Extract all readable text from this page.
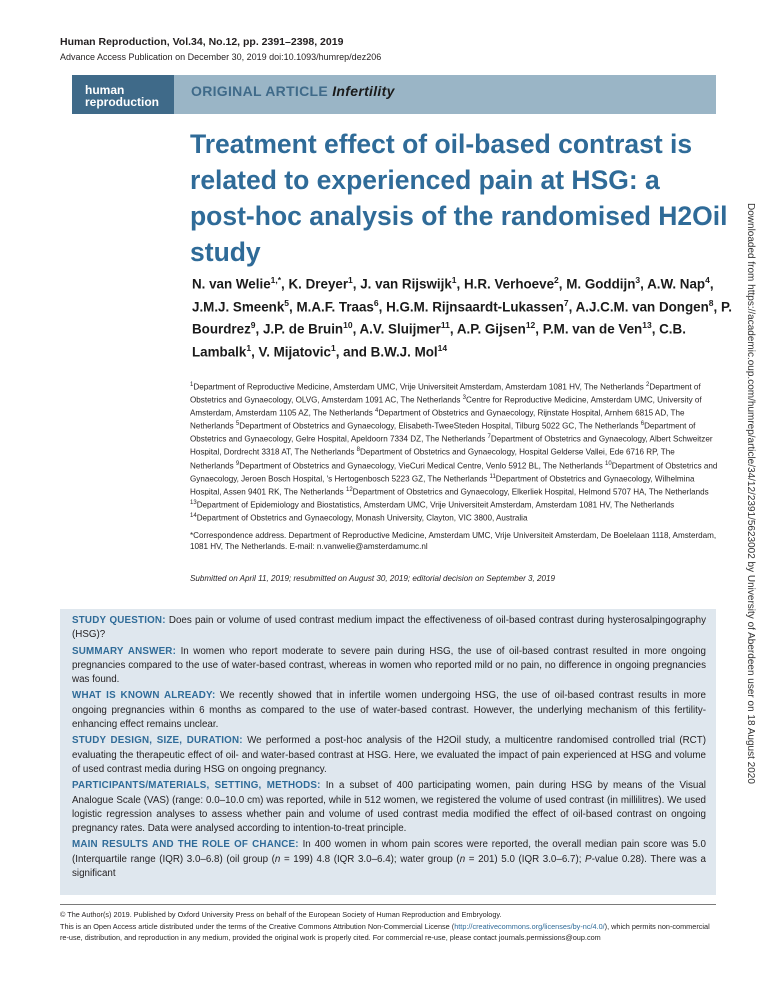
Human Reproduction, Vol.34, No.12, pp. 2391–2398, 2019
Advance Access Publication on December 30, 2019 doi:10.1093/humrep/dez206
human
reproduction
ORIGINAL ARTICLE Infertility
Treatment effect of oil-based contrast is related to experienced pain at HSG: a post-hoc analysis of the randomised H2Oil study
N. van Welie$^{1,*}$, K. Dreyer$^1$, J. van Rijswijk$^1$, H.R. Verhoeve$^2$, M. Goddijn$^3$, A.W. Nap$^4$, J.M.J. Smeenk$^5$, M.A.F. Traas$^6$, H.G.M. Rijnsaardt-Lukassen$^7$, A.J.C.M. van Dongen$^8$, P. Bourdrez$^9$, J.P. de Bruin$^{10}$, A.V. Sluijmer$^{11}$, A.P. Gijsen$^{12}$, P.M. van de Ven$^{13}$, C.B. Lambalk$^1$, V. Mijatovic$^1$, and B.W.J. Mol$^{14}$
$^1$Department of Reproductive Medicine, Amsterdam UMC, Vrije Universiteit Amsterdam, Amsterdam 1081 HV, The Netherlands $^2$Department of Obstetrics and Gynaecology, OLVG, Amsterdam 1091 AC, The Netherlands $^3$Centre for Reproductive Medicine, Amsterdam UMC, University of Amsterdam, Amsterdam 1105 AZ, The Netherlands $^4$Department of Obstetrics and Gynaecology, Rijnstate Hospital, Arnhem 6815 AD, The Netherlands $^5$Department of Obstetrics and Gynaecology, Elisabeth-TweeSteden Hospital, Tilburg 5022 GC, The Netherlands $^6$Department of Obstetrics and Gynaecology, Gelre Hospital, Apeldoorn 7334 DZ, The Netherlands $^7$Department of Obstetrics and Gynaecology, Albert Schweitzer Hospital, Dordrecht 3318 AT, The Netherlands $^8$Department of Obstetrics and Gynaecology, Hospital Gelderse Vallei, Ede 6716 RP, The Netherlands $^9$Department of Obstetrics and Gynaecology, VieCuri Medical Centre, Venlo 5912 BL, The Netherlands $^{10}$Department of Obstetrics and Gynaecology, Jeroen Bosch Hospital, 's Hertogenbosch 5223 GZ, The Netherlands $^{11}$Department of Obstetrics and Gynaecology, Wilhelmina Hospital, Assen 9401 RK, The Netherlands $^{12}$Department of Obstetrics and Gynaecology, Elkerliek Hospital, Helmond 5707 HA, The Netherlands $^{13}$Department of Epidemiology and Biostatistics, Amsterdam UMC, Vrije Universiteit Amsterdam, Amsterdam 1081 HV, The Netherlands $^{14}$Department of Obstetrics and Gynaecology, Monash University, Clayton, VIC 3800, Australia
*Correspondence address. Department of Reproductive Medicine, Amsterdam UMC, Vrije Universiteit Amsterdam, De Boelelaan 1118, Amsterdam, 1081 HV, The Netherlands. E-mail: n.vanwelie@amsterdamumc.nl
Submitted on April 11, 2019; resubmitted on August 30, 2019; editorial decision on September 3, 2019

STUDY QUESTION: Does pain or volume of used contrast medium impact the effectiveness of oil-based contrast during hysterosalpingography (HSG)?

SUMMARY ANSWER: In women who report moderate to severe pain during HSG, the use of oil-based contrast resulted in more ongoing pregnancies compared to the use of water-based contrast, whereas in women who reported mild or no pain, no difference in ongoing pregnancies was found.

WHAT IS KNOWN ALREADY: We recently showed that in infertile women undergoing HSG, the use of oil-based contrast results in more ongoing pregnancies within 6 months as compared to the use of water-based contrast. However, the underlying mechanism of this fertility-enhancing effect remains unclear.

STUDY DESIGN, SIZE, DURATION: We performed a post-hoc analysis of the H2Oil study, a multicentre randomised controlled trial (RCT) evaluating the therapeutic effect of oil- and water-based contrast at HSG. Here, we evaluated the impact of pain experienced at HSG and volume of used contrast media during HSG on ongoing pregnancy.

PARTICIPANTS/MATERIALS, SETTING, METHODS: In a subset of 400 participating women, pain during HSG by means of the Visual Analogue Scale (VAS) (range: 0.0–10.0 cm) was reported, while in 512 women, we registered the volume of used contrast (in millilitres). We used logistic regression analyses to assess whether pain and volume of used contrast media modified the effect of oil-based contrast on ongoing pregnancy rates. Data were analysed according to intention-to-treat principle.

MAIN RESULTS AND THE ROLE OF CHANCE: In 400 women in whom pain scores were reported, the overall median pain score was 5.0 (Interquartile range (IQR) 3.0–6.8) (oil group (n = 199) 4.8 (IQR 3.0–6.4); water group (n = 201) 5.0 (IQR 3.0–6.7); P-value 0.28). There was a significant

© The Author(s) 2019. Published by Oxford University Press on behalf of the European Society of Human Reproduction and Embryology.
This is an Open Access article distributed under the terms of the Creative Commons Attribution Non-Commercial License (http://creativecommons.org/licenses/by-nc/4.0/), which permits non-commercial re-use, distribution, and reproduction in any medium, provided the original work is properly cited. For commercial re-use, please contact journals.permissions@oup.com
Downloaded from https://academic.oup.com/humrep/article/34/12/2391/5623002 by University of Aberdeen user on 18 August 2020
